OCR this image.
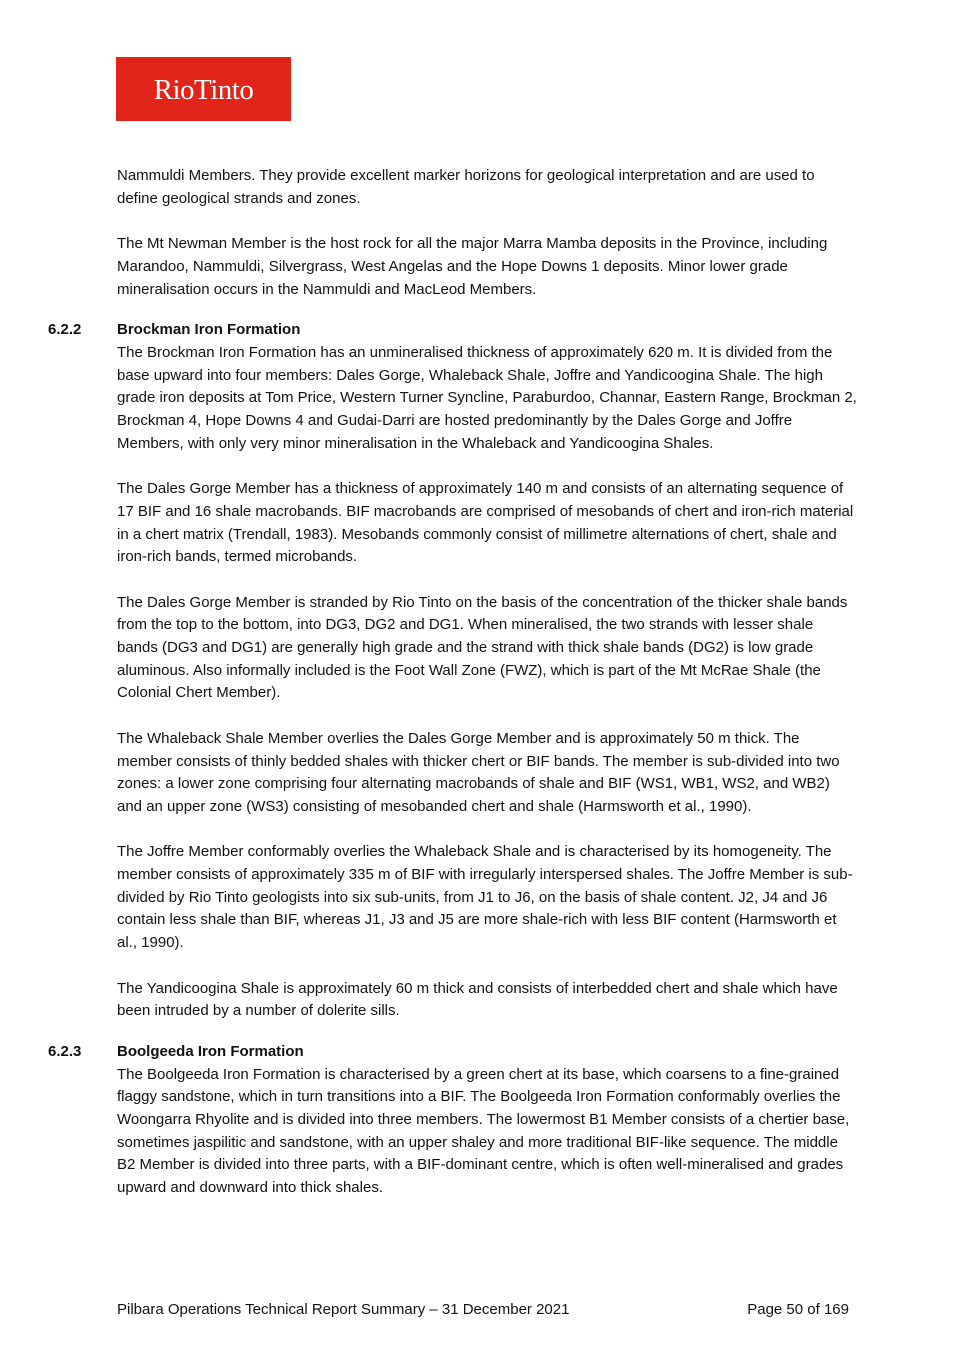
RioTinto

Nammuldi Members. They provide excellent marker horizons for geological interpretation and are used to define geological strands and zones.

The Mt Newman Member is the host rock for all the major Marra Mamba deposits in the Province, including Marandoo, Nammuldi, Silvergrass, West Angelas and the Hope Downs 1 deposits. Minor lower grade mineralisation occurs in the Nammuldi and MacLeod Members.

6.2.2 Brockman Iron Formation

The Brockman Iron Formation has an unmineralised thickness of approximately 620 m. It is divided from the base upward into four members: Dales Gorge, Whaleback Shale, Joffre and Yandicoogina Shale. The high grade iron deposits at Tom Price, Western Turner Syncline, Paraburdoo, Channar, Eastern Range, Brockman 2, Brockman 4, Hope Downs 4 and Gudai-Darri are hosted predominantly by the Dales Gorge and Joffre Members, with only very minor mineralisation in the Whaleback and Yandicoogina Shales.

The Dales Gorge Member has a thickness of approximately 140 m and consists of an alternating sequence of 17 BIF and 16 shale macrobands. BIF macrobands are comprised of mesobands of chert and iron-rich material in a chert matrix (Trendall, 1983). Mesobands commonly consist of millimetre alternations of chert, shale and iron-rich bands, termed microbands.

The Dales Gorge Member is stranded by Rio Tinto on the basis of the concentration of the thicker shale bands from the top to the bottom, into DG3, DG2 and DG1. When mineralised, the two strands with lesser shale bands (DG3 and DG1) are generally high grade and the strand with thick shale bands (DG2) is low grade aluminous. Also informally included is the Foot Wall Zone (FWZ), which is part of the Mt McRae Shale (the Colonial Chert Member).

The Whaleback Shale Member overlies the Dales Gorge Member and is approximately 50 m thick. The member consists of thinly bedded shales with thicker chert or BIF bands. The member is sub-divided into two zones: a lower zone comprising four alternating macrobands of shale and BIF (WS1, WB1, WS2, and WB2) and an upper zone (WS3) consisting of mesobanded chert and shale (Harmsworth et al., 1990).

The Joffre Member conformably overlies the Whaleback Shale and is characterised by its homogeneity. The member consists of approximately 335 m of BIF with irregularly interspersed shales. The Joffre Member is sub-divided by Rio Tinto geologists into six sub-units, from J1 to J6, on the basis of shale content. J2, J4 and J6 contain less shale than BIF, whereas J1, J3 and J5 are more shale-rich with less BIF content (Harmsworth et al., 1990).

The Yandicoogina Shale is approximately 60 m thick and consists of interbedded chert and shale which have been intruded by a number of dolerite sills.

6.2.3 Boolgeeda Iron Formation

The Boolgeeda Iron Formation is characterised by a green chert at its base, which coarsens to a fine-grained flaggy sandstone, which in turn transitions into a BIF. The Boolgeeda Iron Formation conformably overlies the Woongarra Rhyolite and is divided into three members. The lowermost B1 Member consists of a chertier base, sometimes jaspilitic and sandstone, with an upper shaley and more traditional BIF-like sequence. The middle B2 Member is divided into three parts, with a BIF-dominant centre, which is often well-mineralised and grades upward and downward into thick shales.

Pilbara Operations Technical Report Summary – 31 December 2021	Page 50 of 169
